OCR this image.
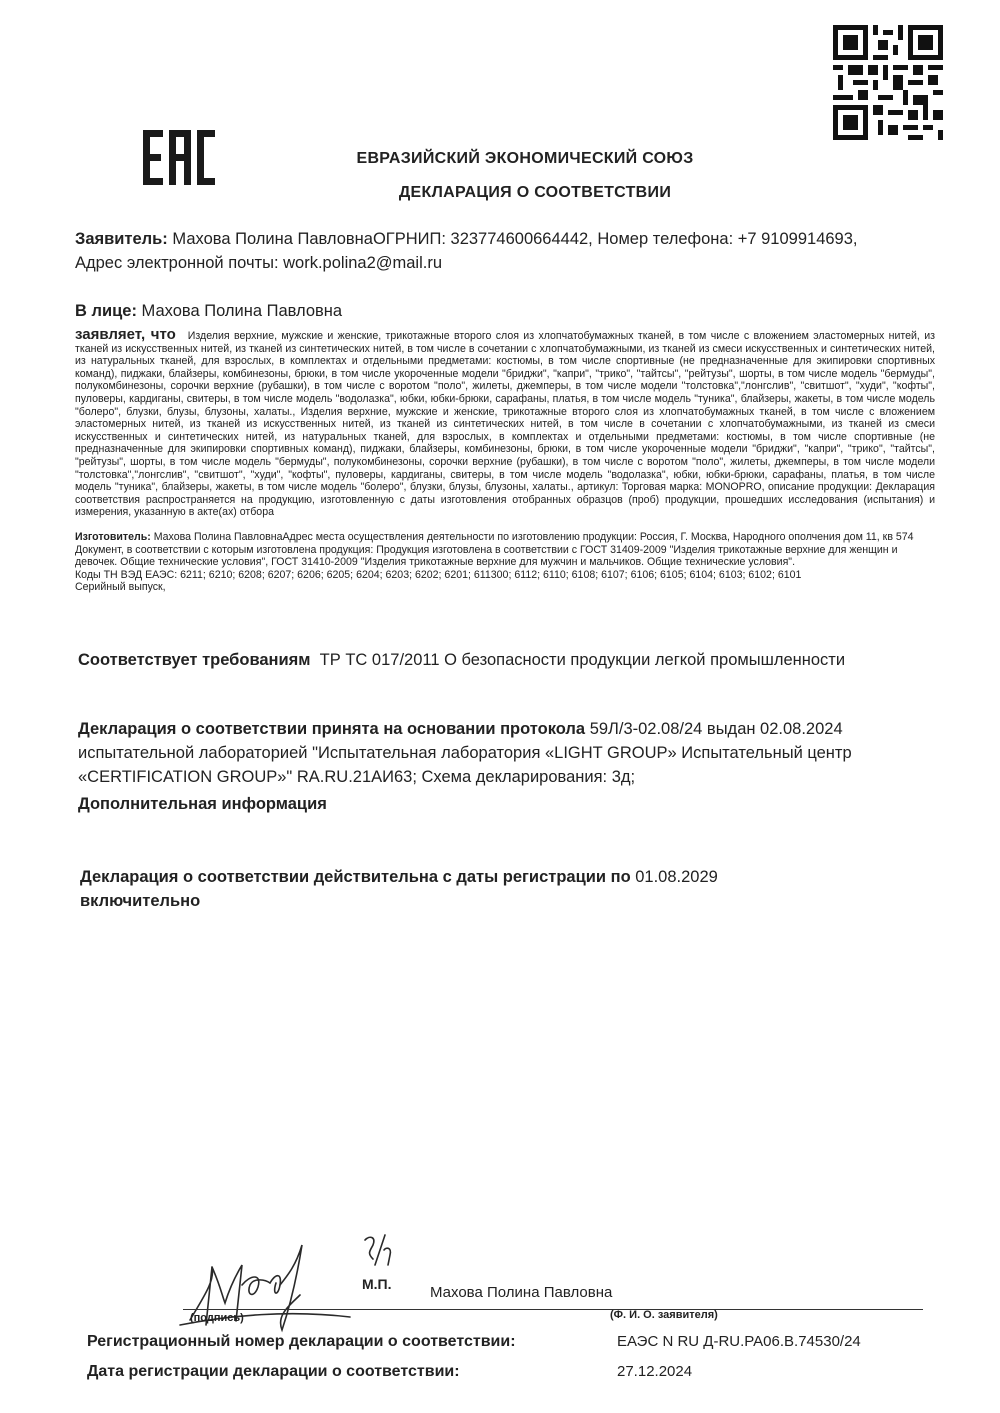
ЕВРАЗИЙСКИЙ ЭКОНОМИЧЕСКИЙ СОЮЗ
ДЕКЛАРАЦИЯ О СООТВЕТСТВИИ
Заявитель: Махова Полина ПавловнаОГРНИП: 323774600664442, Номер телефона: +7 9109914693, Адрес электронной почты: work.polina2@mail.ru
В лице: Махова Полина Павловна
заявляет, что Изделия верхние, мужские и женские, трикотажные второго слоя из хлопчатобумажных тканей, в том числе с вложением эластомерных нитей, из тканей из искусственных нитей, из тканей из синтетических нитей, в том числе в сочетании с хлопчатобумажными, из тканей из смеси искусственных и синтетических нитей, из натуральных тканей, для взрослых, в комплектах и отдельными предметами: костюмы, в том числе спортивные (не предназначенные для экипировки спортивных команд), пиджаки, блайзеры, комбинезоны, брюки, в том числе укороченные модели "бриджи", "капри", "трико", "тайтсы", "рейтузы", шорты, в том числе модель "бермуды", полукомбинезоны, сорочки верхние (рубашки), в том числе с воротом "поло", жилеты, джемперы, в том числе модели "толстовка","лонгслив", "свитшот", "худи", "кофты", пуловеры, кардиганы, свитеры, в том числе модель "водолазка", юбки, юбки-брюки, сарафаны, платья, в том числе модель "туника", блайзеры, жакеты, в том числе модель "болеро", блузки, блузы, блузоны, халаты., Изделия верхние, мужские и женские, трикотажные второго слоя из хлопчатобумажных тканей, в том числе с вложением эластомерных нитей, из тканей из искусственных нитей, из тканей из синтетических нитей, в том числе в сочетании с хлопчатобумажными, из тканей из смеси искусственных и синтетических нитей, из натуральных тканей, для взрослых, в комплектах и отдельными предметами: костюмы, в том числе спортивные (не предназначенные для экипировки спортивных команд), пиджаки, блайзеры, комбинезоны, брюки, в том числе укороченные модели "бриджи", "капри", "трико", "тайтсы", "рейтузы", шорты, в том числе модель "бермуды", полукомбинезоны, сорочки верхние (рубашки), в том числе с воротом "поло", жилеты, джемперы, в том числе модели "толстовка","лонгслив", "свитшот", "худи", "кофты", пуловеры, кардиганы, свитеры, в том числе модель "водолазка", юбки, юбки-брюки, сарафаны, платья, в том числе модель "туника", блайзеры, жакеты, в том числе модель "болеро", блузки, блузы, блузоны, халаты., артикул: Торговая марка: MONOPRO, описание продукции: Декларация соответствия распространяется на продукцию, изготовленную с даты изготовления отобранных образцов (проб) продукции, прошедших исследования (испытания) и измерения, указанную в акте(ах) отбора
Изготовитель: Махова Полина ПавловнаАдрес места осуществления деятельности по изготовлению продукции: Россия, Г. Москва, Народного ополчения дом 11, кв 574
Документ, в соответствии с которым изготовлена продукция: Продукция изготовлена в соответствии с ГОСТ 31409-2009 "Изделия трикотажные верхние для женщин и девочек. Общие технические условия", ГОСТ 31410-2009 "Изделия трикотажные верхние для мужчин и мальчиков. Общие технические условия".
Коды ТН ВЭД ЕАЭС: 6211; 6210; 6208; 6207; 6206; 6205; 6204; 6203; 6202; 6201; 611300; 6112; 6110; 6108; 6107; 6106; 6105; 6104; 6103; 6102; 6101
Серийный выпуск,
Соответствует требованиям ТР ТС 017/2011 О безопасности продукции легкой промышленности
Декларация о соответствии принята на основании протокола 59Л/3-02.08/24 выдан 02.08.2024 испытательной лабораторией "Испытательная лаборатория «LIGHT GROUP» Испытательный центр «CERTIFICATION GROUP»" RA.RU.21АИ63; Схема декларирования: 3д;
Дополнительная информация
Декларация о соответствии действительна с даты регистрации по 01.08.2029
включительно
М.П.	Махова Полина Павловна
(подпись)	(Ф. И. О. заявителя)
Регистрационный номер декларации о соответствии:	ЕАЭС N RU Д-RU.PA06.B.74530/24
Дата регистрации декларации о соответствии:	27.12.2024
